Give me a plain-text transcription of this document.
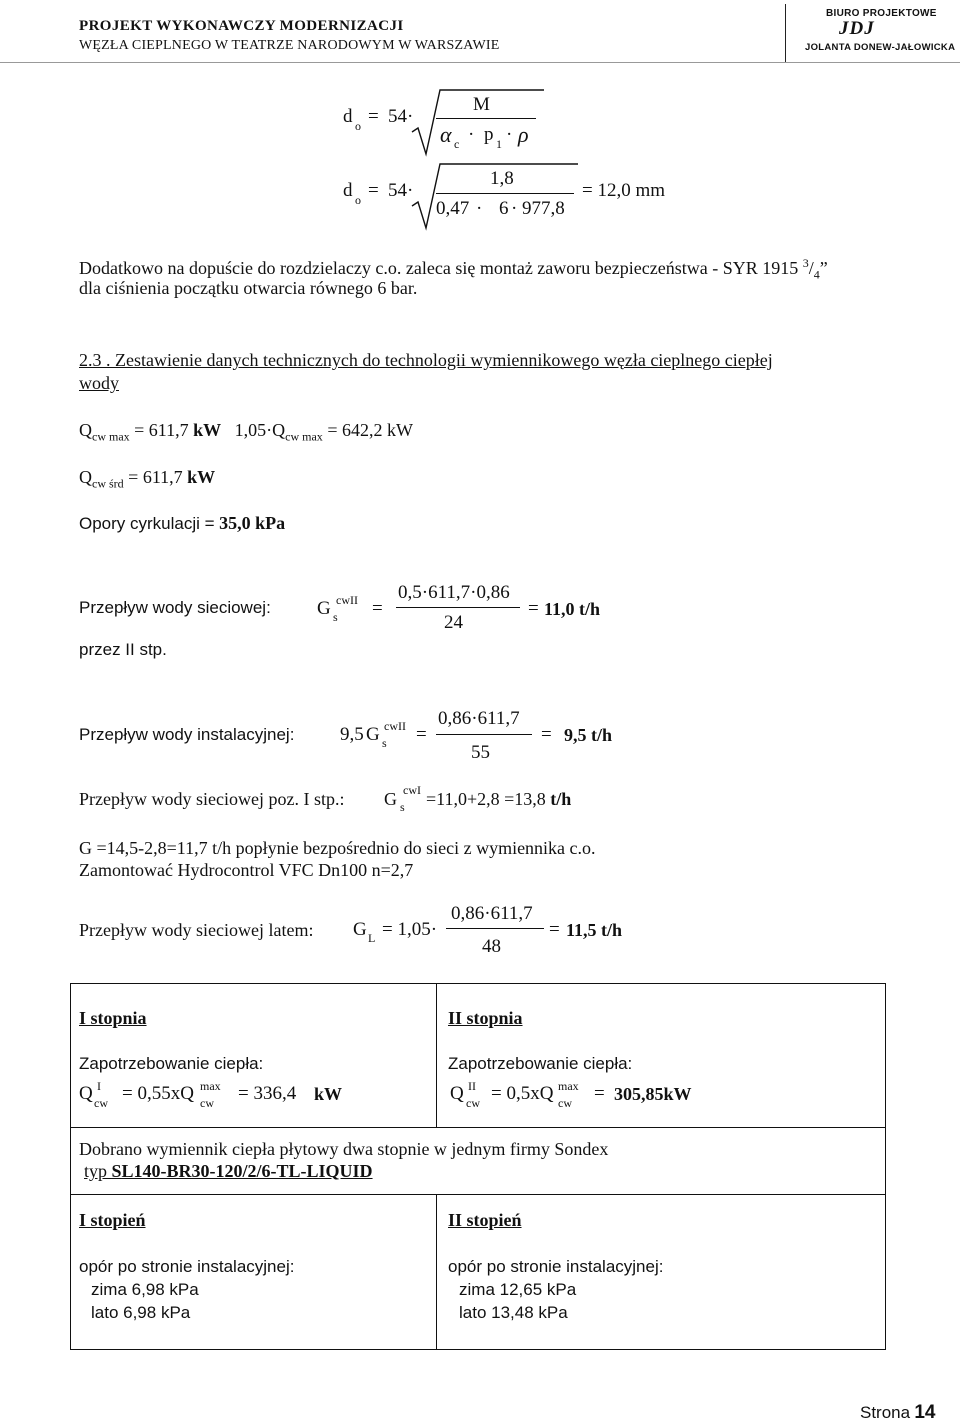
PROJEKT WYKONAWCZY MODERNIZACJI
WĘZŁA CIEPLNEGO W TEATRZE NARODOWYM W WARSZAWIE
BIURO PROJEKTOWE
JDJ
JOLANTA DONEW-JAŁOWICKA
d o = 54·
M
α c · p 1 · ρ
d o = 54·
1,8
0,47 · 6 · 977,8
= 12,0 mm
Dodatkowo na dopuście do rozdzielaczy c.o. zaleca się montaż zaworu bezpieczeństwa - SYR 1915 $^3/_4$”
dla ciśnienia początku otwarcia równego 6 bar.
2.3 . Zestawienie danych technicznych do technologii wymiennikowego węzła cieplnego ciepłej
wody
$Q_{cw max} = 611,7$ kW $1,05\cdot Q_{cw max} = 642,2$ kW
$Q_{cw śrd} = 611,7$ kW
Opory cyrkulacji = 35,0 kPa
Przepływ wody sieciowej:
przez II stp.
G cwII
s =
0,5·611,7·0,86
24
= 11,0 t/h
Przepływ wody instalacyjnej: 9,5 G cwII
s =
0,86·611,7
55
= 9,5 t/h
Przepływ wody sieciowej poz. I stp.: G cwI
s =11,0+2,8 =13,8 t/h
G =14,5-2,8=11,7 t/h popłynie bezpośrednio do sieci z wymiennika c.o.
Zamontować Hydrocontrol VFC Dn100 n=2,7
Przepływ wody sieciowej latem: G L = 1,05·
0,86·611,7
48
= 11,5 t/h
I stopnia
Zapotrzebowanie ciepła:
Q I
cw = 0,55xQ max
cw = 336,4 kW
II stopnia
Zapotrzebowanie ciepła:
Q II
cw = 0,5xQ max
cw = 305,85kW
Dobrano wymiennik ciepła płytowy dwa stopnie w jednym firmy Sondex
typ SL140-BR30-120/2/6-TL-LIQUID
I stopień
opór po stronie instalacyjnej:
zima 6,98 kPa
lato 6,98 kPa
II stopień
opór po stronie instalacyjnej:
zima 12,65 kPa
lato 13,48 kPa
Strona 14
